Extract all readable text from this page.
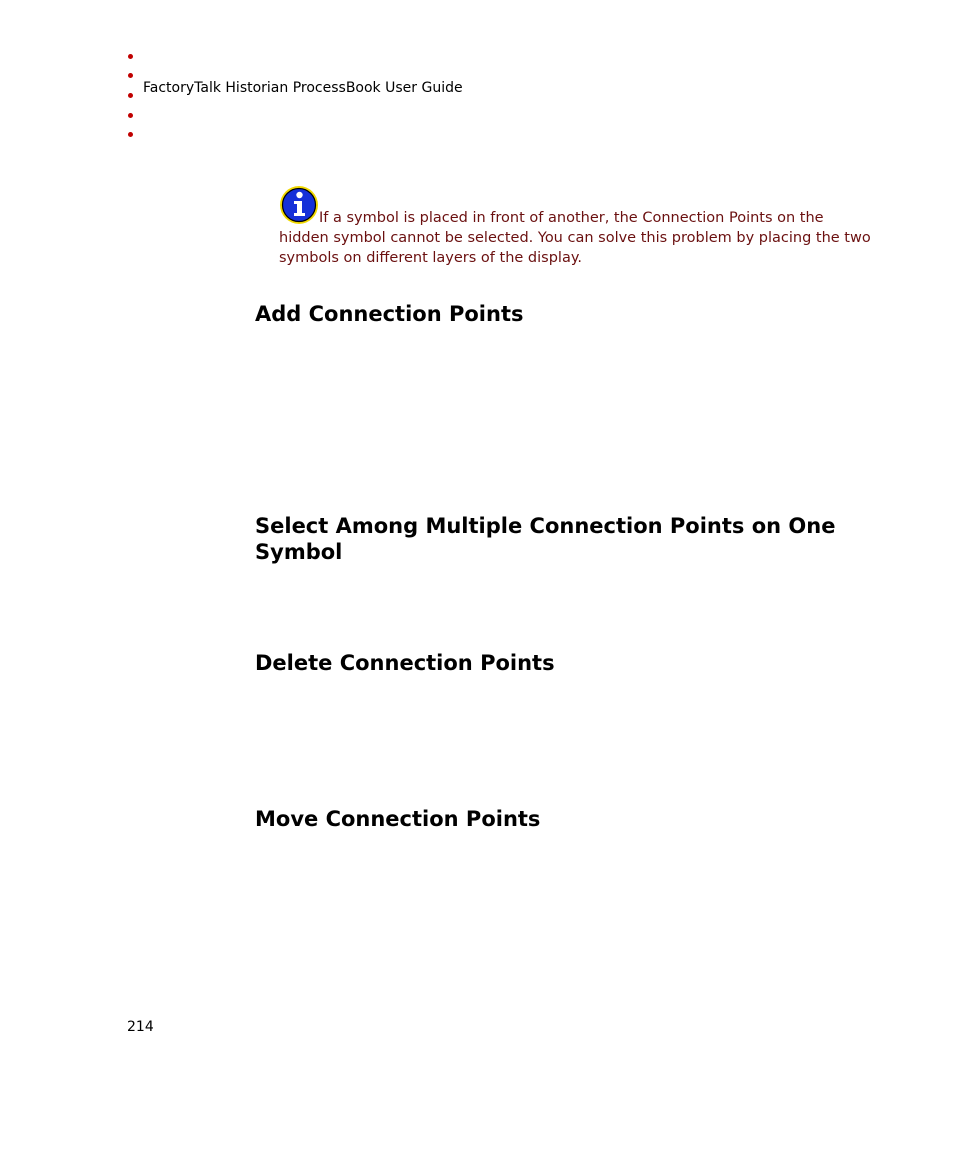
FactoryTalk Historian ProcessBook User Guide
If a symbol is placed in front of another, the Connection Points on the hidden symbol cannot be selected. You can solve this problem by placing the two symbols on different layers of the display.
Add Connection Points
Select Among Multiple Connection Points on One Symbol
Delete Connection Points
Move Connection Points
214
